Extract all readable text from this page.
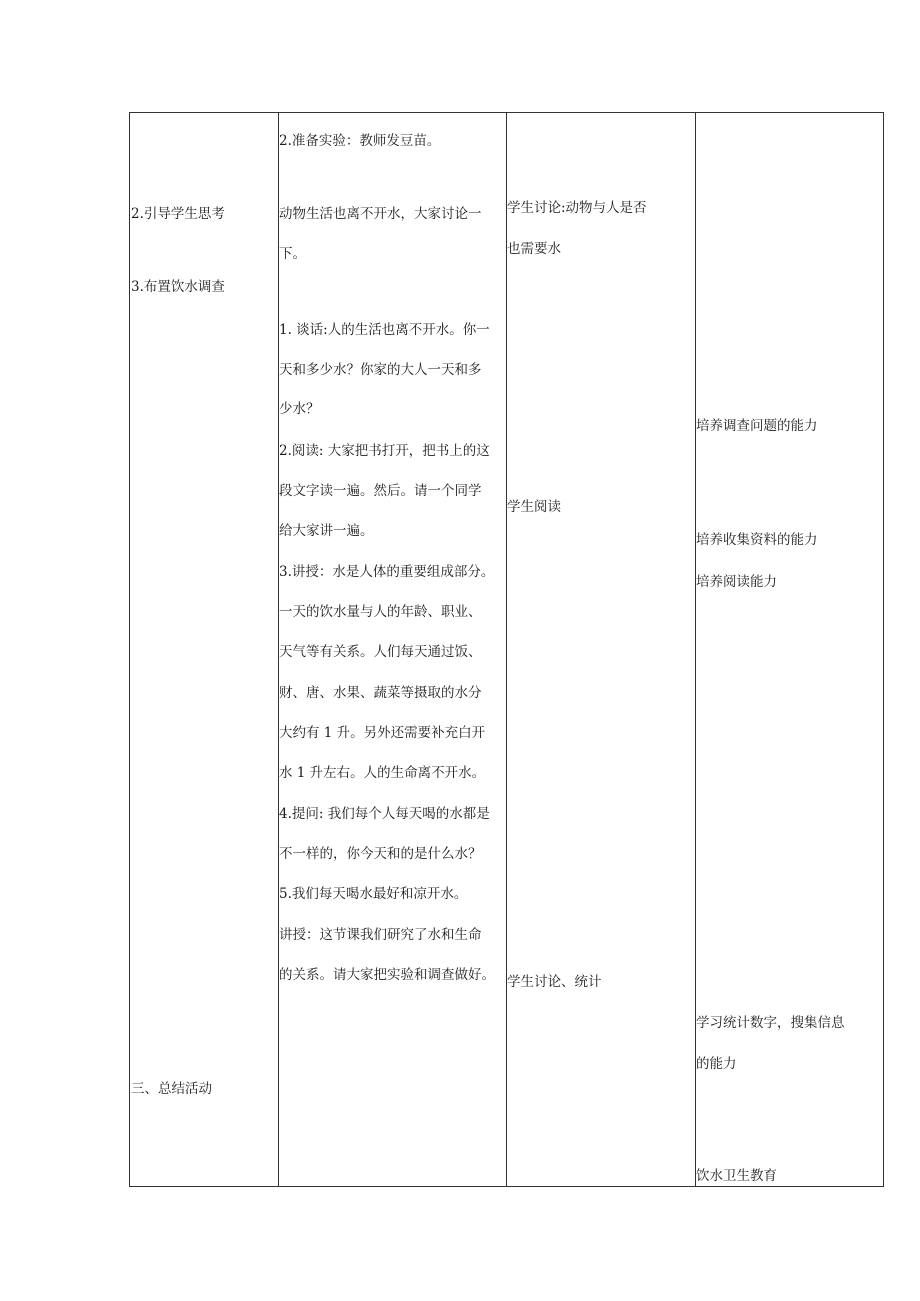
2.引导学生思考
3.布置饮水调查
三、总结活动
2.准备实验：教师发豆苗。
动物生活也离不开水，大家讨论一
下。
1. 谈话:人的生活也离不开水。你一
天和多少水？你家的大人一天和多
少水？
2.阅读: 大家把书打开，把书上的这
段文字读一遍。然后。请一个同学
给大家讲一遍。
3.讲授：水是人体的重要组成部分。
一天的饮水量与人的年龄、职业、
天气等有关系。人们每天通过饭、
财、唐、水果、蔬菜等摄取的水分
大约有 1 升。另外还需要补充白开
水 1 升左右。人的生命离不开水。
4.提问: 我们每个人每天喝的水都是
不一样的，你今天和的是什么水？
5.我们每天喝水最好和凉开水。
讲授：这节课我们研究了水和生命
的关系。请大家把实验和调查做好。
学生讨论:动物与人是否
也需要水
学生阅读
学生讨论、统计
培养调查问题的能力
培养收集资料的能力
培养阅读能力
学习统计数字，搜集信息
的能力
饮水卫生教育
